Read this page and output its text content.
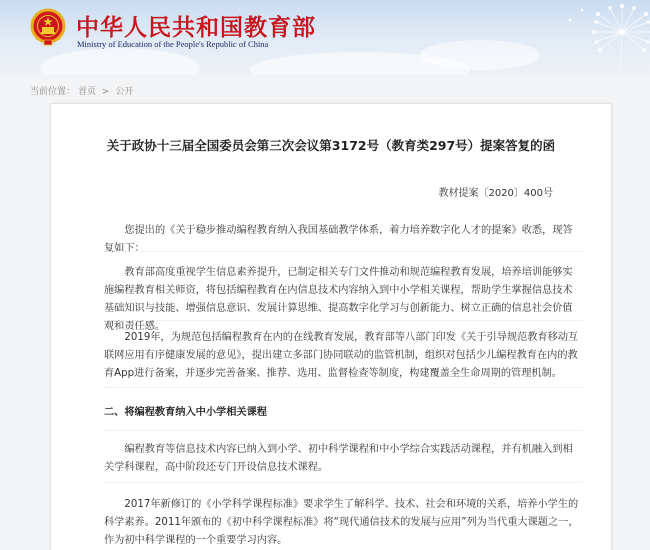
中华人民共和国教育部
Ministry of Education of the People's Republic of China
当前位置： 首页 > 公开
关于政协十三届全国委员会第三次会议第3172号（教育类297号）提案答复的函
教材提案〔2020〕400号
您提出的《关于稳步推动编程教育纳入我国基础教学体系，着力培养数字化人才的提案》收悉，现答复如下：
教育部高度重视学生信息素养提升，已制定相关专门文件推动和规范编程教育发展，培养培训能够实施编程教育相关师资，将包括编程教育在内信息技术内容纳入到中小学相关课程，帮助学生掌握信息技术基础知识与技能、增强信息意识、发展计算思维、提高数字化学习与创新能力、树立正确的信息社会价值观和责任感。
2019年，为规范包括编程教育在内的在线教育发展，教育部等八部门印发《关于引导规范教育移动互联网应用有序健康发展的意见》，提出建立多部门协同联动的监管机制，组织对包括少儿编程教育在内的教育App进行备案，并逐步完善备案、推荐、选用、监督检查等制度，构建覆盖全生命周期的管理机制。
二、将编程教育纳入中小学相关课程
编程教育等信息技术内容已纳入到小学、初中科学课程和中小学综合实践活动课程，并有机融入到相关学科课程，高中阶段还专门开设信息技术课程。
2017年新修订的《小学科学课程标准》要求学生了解科学、技术、社会和环境的关系，培养小学生的科学素养。2011年颁布的《初中科学课程标准》将“现代通信技术的发展与应用”列为当代重大课题之一，作为初中科学课程的一个重要学习内容。
